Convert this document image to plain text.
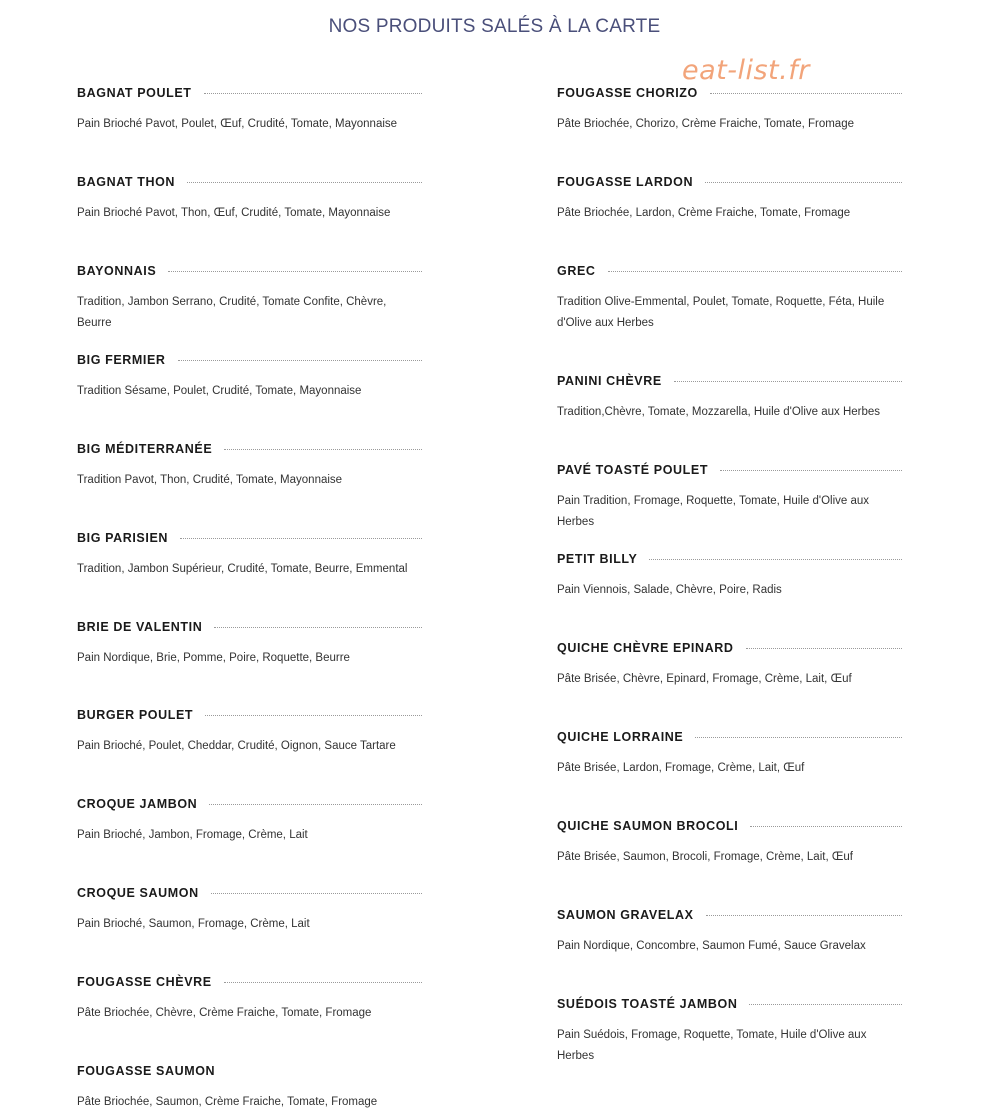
NOS PRODUITS SALÉS À LA CARTE
eat-list.fr
BAGNAT POULET
Pain Brioché Pavot, Poulet, Œuf, Crudité, Tomate, Mayonnaise
BAGNAT THON
Pain Brioché Pavot, Thon, Œuf, Crudité, Tomate, Mayonnaise
BAYONNAIS
Tradition, Jambon Serrano, Crudité, Tomate Confite, Chèvre, Beurre
BIG FERMIER
Tradition Sésame, Poulet, Crudité, Tomate, Mayonnaise
BIG MÉDITERRANÉE
Tradition Pavot, Thon, Crudité, Tomate, Mayonnaise
BIG PARISIEN
Tradition, Jambon Supérieur, Crudité, Tomate, Beurre, Emmental
BRIE DE VALENTIN
Pain Nordique, Brie, Pomme, Poire, Roquette, Beurre
BURGER POULET
Pain Brioché, Poulet, Cheddar, Crudité, Oignon, Sauce Tartare
CROQUE JAMBON
Pain Brioché, Jambon, Fromage, Crème, Lait
CROQUE SAUMON
Pain Brioché, Saumon, Fromage, Crème, Lait
FOUGASSE CHÈVRE
Pâte Briochée, Chèvre, Crème Fraiche, Tomate, Fromage
FOUGASSE SAUMON
Pâte Briochée, Saumon, Crème Fraiche, Tomate, Fromage
FOUGASSE CHORIZO
Pâte Briochée, Chorizo, Crème Fraiche, Tomate, Fromage
FOUGASSE LARDON
Pâte Briochée, Lardon, Crème Fraiche, Tomate, Fromage
GREC
Tradition Olive-Emmental, Poulet, Tomate, Roquette, Féta, Huile d'Olive aux Herbes
PANINI CHÈVRE
Tradition,Chèvre, Tomate, Mozzarella, Huile d'Olive aux Herbes
PAVÉ TOASTÉ POULET
Pain Tradition, Fromage, Roquette, Tomate, Huile d'Olive aux Herbes
PETIT BILLY
Pain Viennois, Salade, Chèvre, Poire, Radis
QUICHE CHÈVRE EPINARD
Pâte Brisée, Chèvre, Epinard, Fromage, Crème, Lait, Œuf
QUICHE LORRAINE
Pâte Brisée, Lardon, Fromage, Crème, Lait, Œuf
QUICHE SAUMON BROCOLI
Pâte Brisée, Saumon, Brocoli, Fromage, Crème, Lait, Œuf
SAUMON GRAVELAX
Pain Nordique, Concombre, Saumon Fumé, Sauce Gravelax
SUÉDOIS TOASTÉ JAMBON
Pain Suédois, Fromage, Roquette, Tomate, Huile d'Olive aux Herbes
